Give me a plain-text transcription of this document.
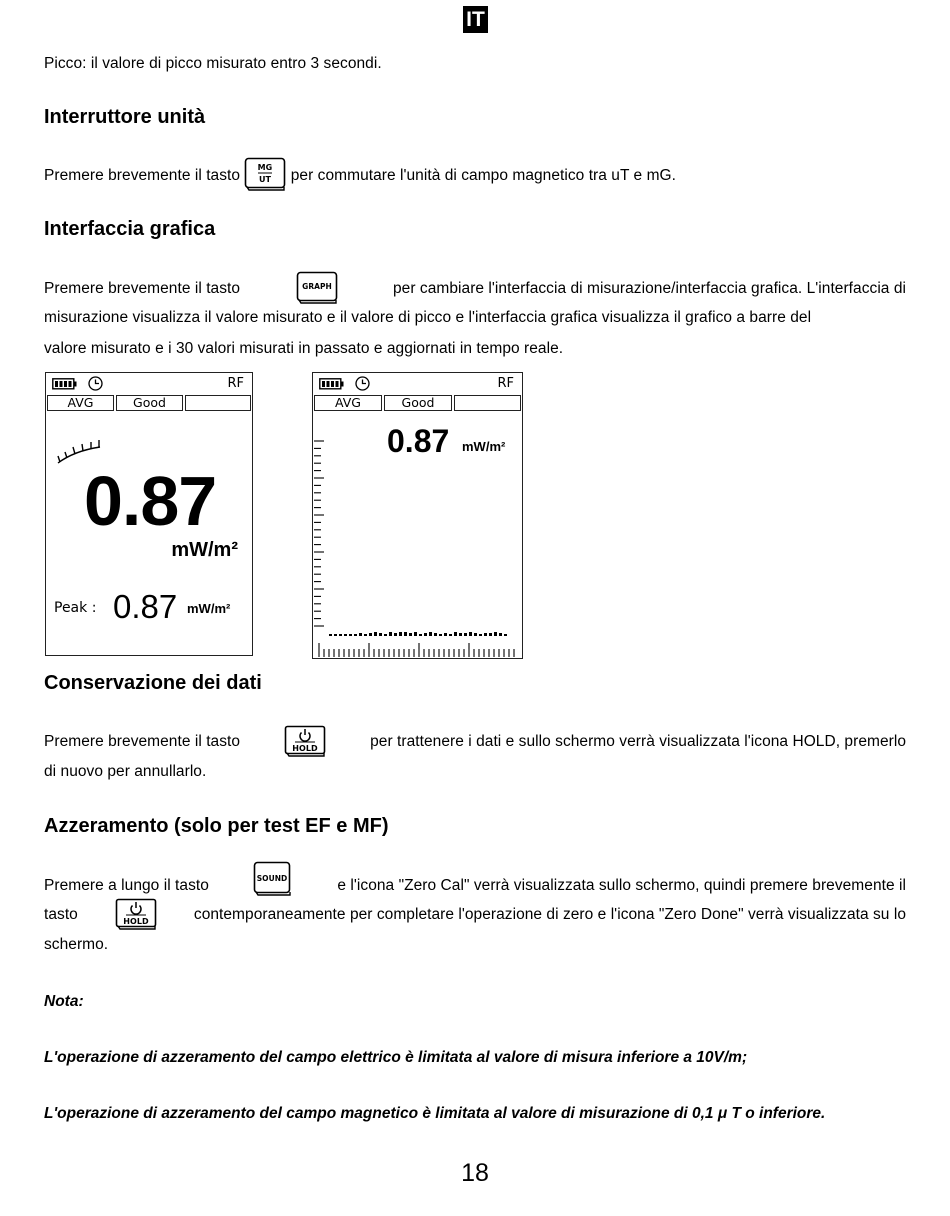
IT
Picco: il valore di picco misurato entro 3 secondi.
Interruttore unità
Premere brevemente il tasto MG
UT per commutare l'unità di campo magnetico tra uT e mG.
Interfaccia grafica
Premere brevemente il tasto	GRAPH	per cambiare l'interfaccia di misurazione/interfaccia grafica. L'interfaccia di
misurazione visualizza il valore misurato e il valore di picco e l'interfaccia grafica visualizza il grafico a barre del
valore misurato e i 30 valori misurati in passato e aggiornati in tempo reale.
RF
AVG	Good
0.87
mW/m²
Peak : 0.87 mW/m²
RF
AVG	Good
0.87 mW/m²
Conservazione dei dati
Premere brevemente il tasto	HOLD	per trattenere i dati e sullo schermo verrà visualizzata l'icona HOLD, premerlo
di nuovo per annullarlo.
Azzeramento (solo per test EF e MF)
Premere a lungo il tasto	SOUND	e l'icona "Zero Cal" verrà visualizzata sullo schermo, quindi premere brevemente il
tasto	HOLD	contemporaneamente per completare l'operazione di zero e l'icona "Zero Done" verrà visualizzata su lo
schermo.
Nota:
L'operazione di azzeramento del campo elettrico è limitata al valore di misura inferiore a 10V/m;
L'operazione di azzeramento del campo magnetico è limitata al valore di misurazione di 0,1 μ T o inferiore.
18
